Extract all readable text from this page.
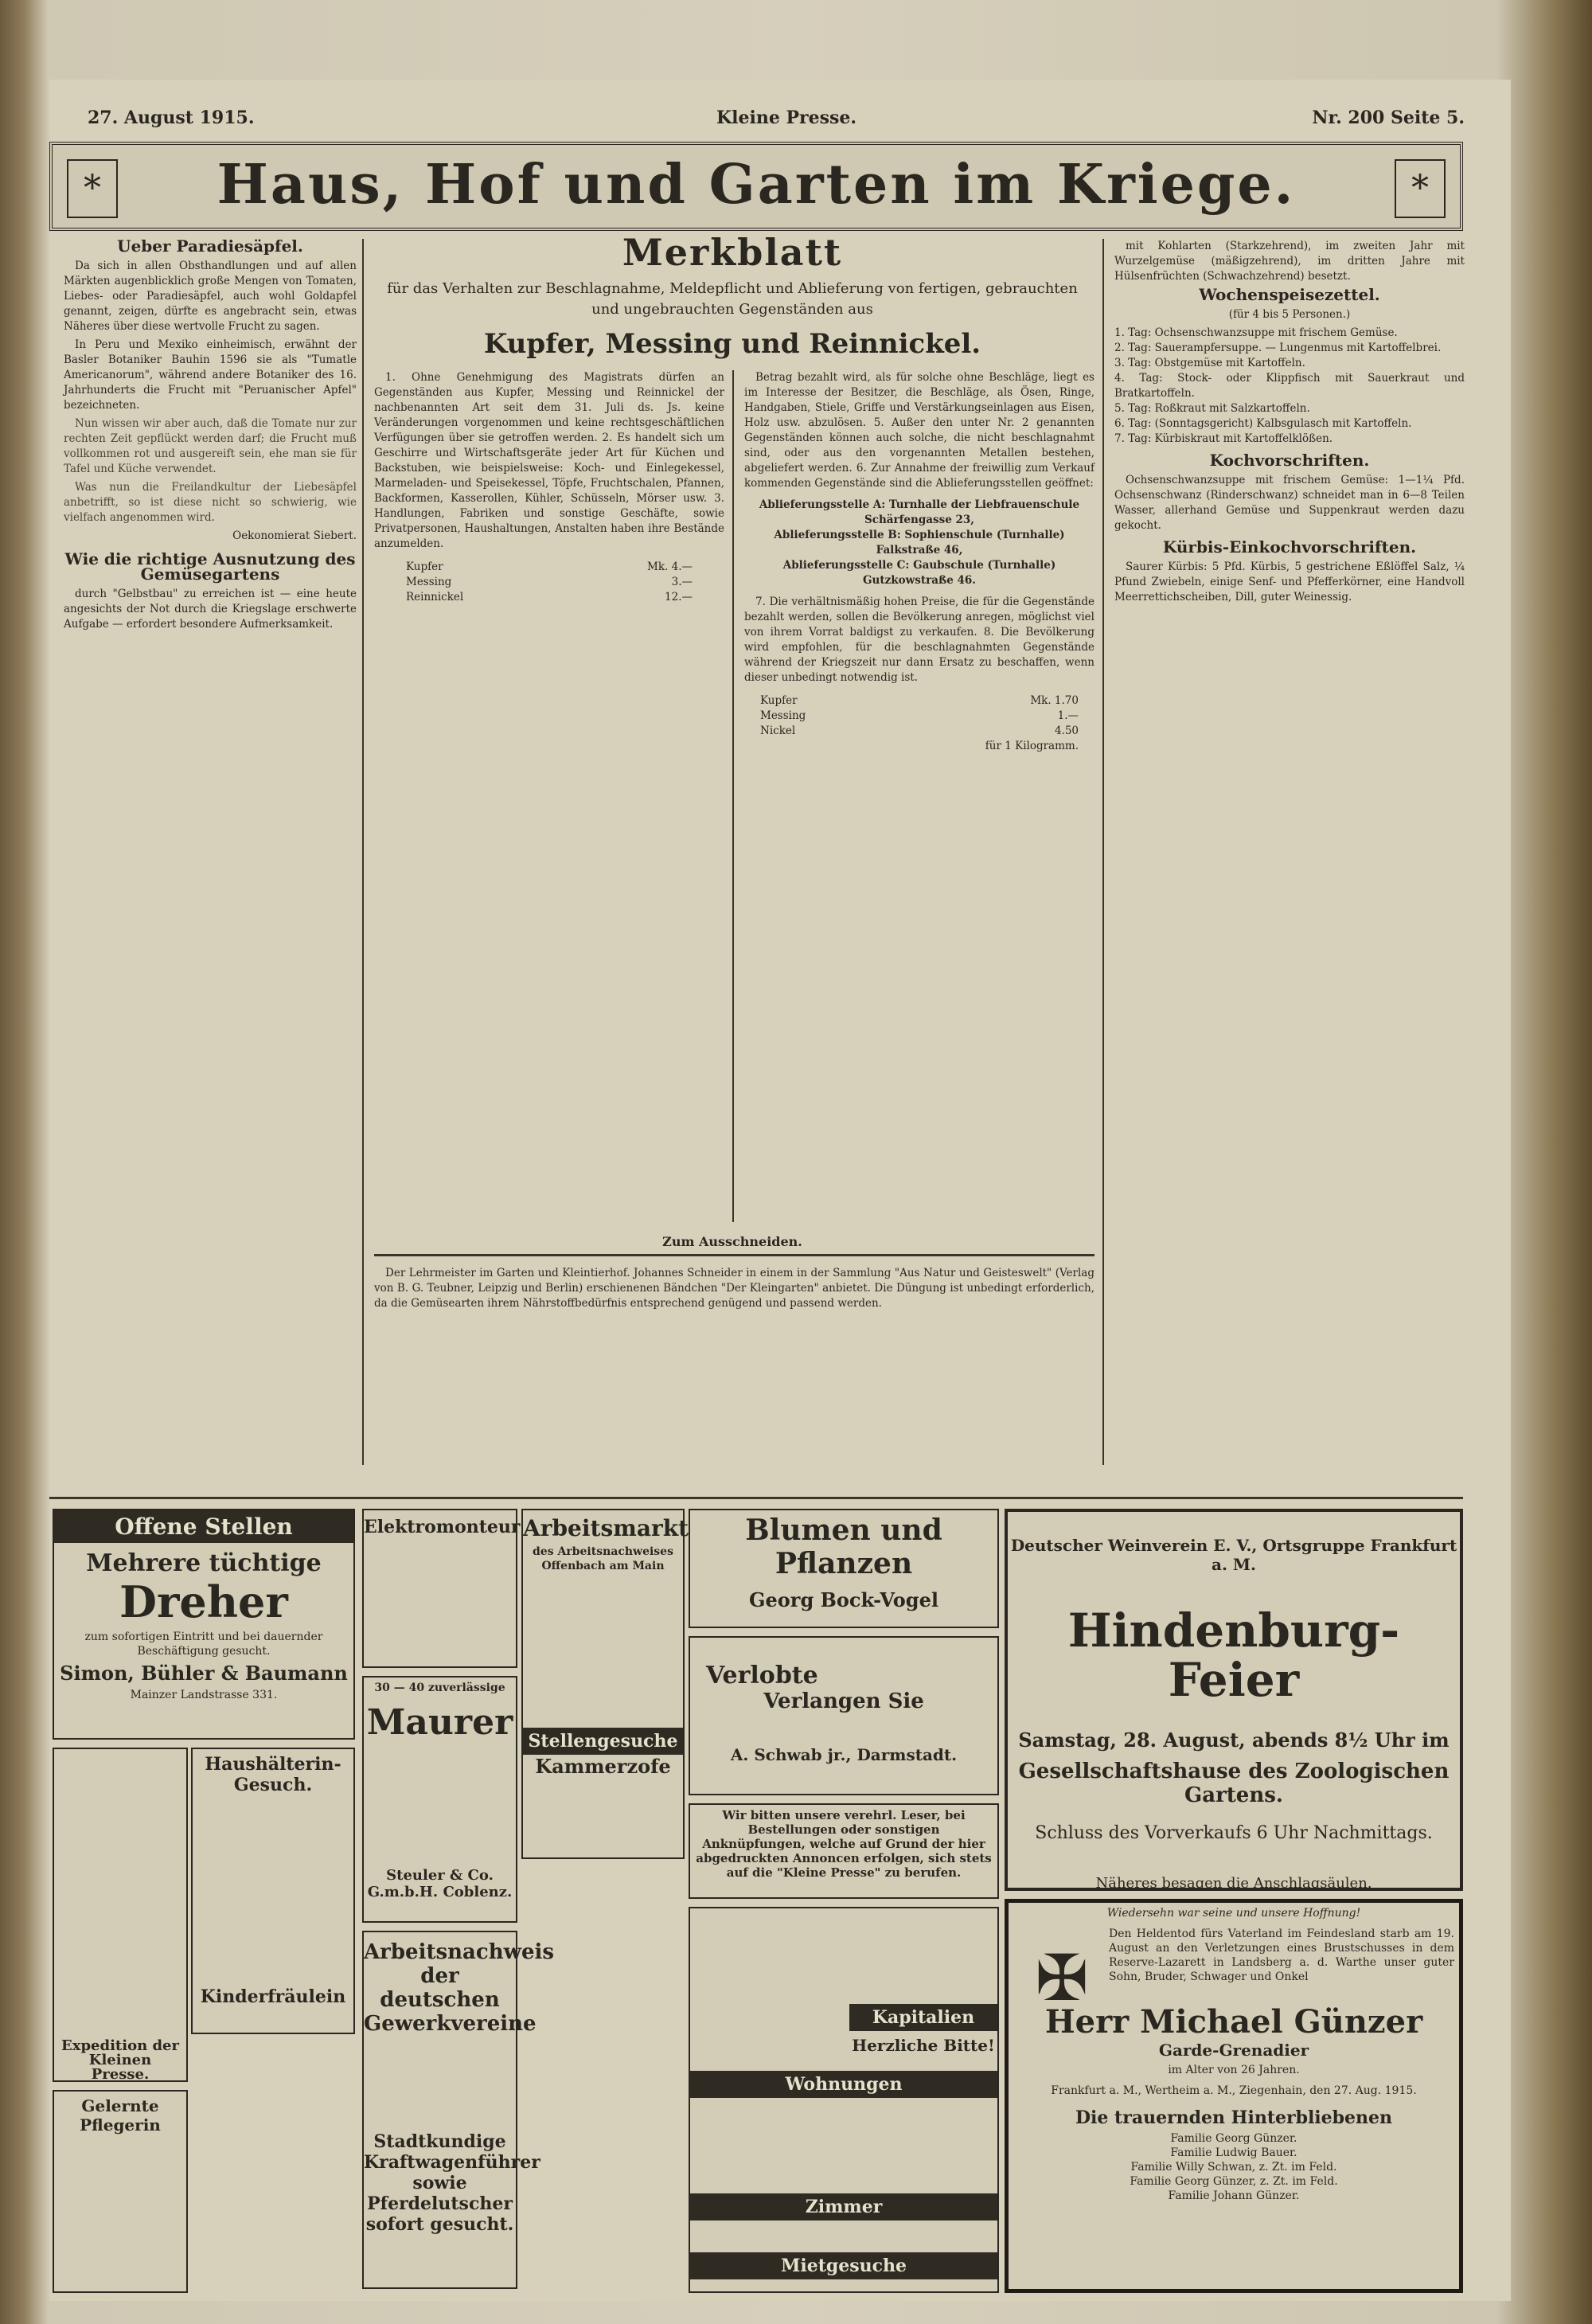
27. August 1915.	Kleine Presse.	Nr. 200 Seite 5.
*	Haus, Hof und Garten im Kriege.	*
Ueber Paradiesäpfel.

Da sich in allen Obsthandlungen und auf allen Märkten augenblicklich große Mengen von Tomaten, Liebes- oder Paradiesäpfel, auch wohl Goldapfel genannt, zeigen, dürfte es angebracht sein, etwas Näheres über diese wertvolle Frucht zu sagen.

In Peru und Mexiko einheimisch, erwähnt der Basler Botaniker Bauhin 1596 sie als "Tumatle Americanorum", während andere Botaniker des 16. Jahrhunderts die Frucht mit "Peruanischer Apfel" bezeichneten.

Nun wissen wir aber auch, daß die Tomate nur zur rechten Zeit gepflückt werden darf; die Frucht muß vollkommen rot und ausgereift sein, ehe man sie für Tafel und Küche verwendet.

Was nun die Freilandkultur der Liebesäpfel anbetrifft, so ist diese nicht so schwierig, wie vielfach angenommen wird.

Oekonomierat Siebert.

Wie die richtige Ausnutzung des Gemüsegartens

durch "Gelbstbau" zu erreichen ist — eine heute angesichts der Not durch die Kriegslage erschwerte Aufgabe — erfordert besondere Aufmerksamkeit.

Merkblatt
für das Verhalten zur Beschlagnahme, Meldepflicht und Ablieferung von fertigen, gebrauchten und ungebrauchten Gegenständen aus
Kupfer, Messing und Reinnickel.

1. Ohne Genehmigung des Magistrats dürfen an Gegenständen aus Kupfer, Messing und Reinnickel der nachbenannten Art seit dem 31. Juli ds. Js. keine Veränderungen vorgenommen und keine rechtsgeschäftlichen Verfügungen über sie getroffen werden. 2. Es handelt sich um Geschirre und Wirtschaftsgeräte jeder Art für Küchen und Backstuben, wie beispielsweise: Koch- und Einlegekessel, Marmeladen- und Speisekessel, Töpfe, Fruchtschalen, Pfannen, Backformen, Kasserollen, Kühler, Schüsseln, Mörser usw. 3. Handlungen, Fabriken und sonstige Geschäfte, sowie Privatpersonen, Haushaltungen, Anstalten haben ihre Bestände anzumelden.

Kupfer	Mk. 4.—
Messing	3.—
Reinnickel	12.—

Betrag bezahlt wird, als für solche ohne Beschläge, liegt es im Interesse der Besitzer, die Beschläge, als Ösen, Ringe, Handgaben, Stiele, Griffe und Verstärkungseinlagen aus Eisen, Holz usw. abzulösen. 5. Außer den unter Nr. 2 genannten Gegenständen können auch solche, die nicht beschlagnahmt sind, oder aus den vorgenannten Metallen bestehen, abgeliefert werden. 6. Zur Annahme der freiwillig zum Verkauf kommenden Gegenstände sind die Ablieferungsstellen geöffnet:

Ablieferungsstelle A: Turnhalle der Liebfrauenschule Schärfengasse 23,
Ablieferungsstelle B: Sophienschule (Turnhalle) Falkstraße 46,
Ablieferungsstelle C: Gaubschule (Turnhalle) Gutzkowstraße 46.

7. Die verhältnismäßig hohen Preise, die für die Gegenstände bezahlt werden, sollen die Bevölkerung anregen, möglichst viel von ihrem Vorrat baldigst zu verkaufen. 8. Die Bevölkerung wird empfohlen, für die beschlagnahmten Gegenstände während der Kriegszeit nur dann Ersatz zu beschaffen, wenn dieser unbedingt notwendig ist.

Kupfer	Mk. 1.70
Messing	1.—
Nickel	4.50
für 1 Kilogramm.
Zum Ausschneiden.

Der Lehrmeister im Garten und Kleintierhof. Johannes Schneider in einem in der Sammlung "Aus Natur und Geisteswelt" (Verlag von B. G. Teubner, Leipzig und Berlin) erschienenen Bändchen "Der Kleingarten" anbietet. Die Düngung ist unbedingt erforderlich, da die Gemüsearten ihrem Nährstoffbedürfnis entsprechend genügend und passend werden.

mit Kohlarten (Starkzehrend), im zweiten Jahr mit Wurzelgemüse (mäßigzehrend), im dritten Jahre mit Hülsenfrüchten (Schwachzehrend) besetzt.

Wochenspeisezettel.
(für 4 bis 5 Personen.)
1. Tag: Ochsenschwanzsuppe mit frischem Gemüse.
2. Tag: Sauerampfersuppe. — Lungenmus mit Kartoffelbrei.
3. Tag: Obstgemüse mit Kartoffeln.
4. Tag: Stock- oder Klippfisch mit Sauerkraut und Bratkartoffeln.
5. Tag: Roßkraut mit Salzkartoffeln.
6. Tag: (Sonntagsgericht) Kalbsgulasch mit Kartoffeln.
7. Tag: Kürbiskraut mit Kartoffelklößen.
Kochvorschriften.

Ochsenschwanzsuppe mit frischem Gemüse: 1—1¼ Pfd. Ochsenschwanz (Rinderschwanz) schneidet man in 6—8 Teilen Wasser, allerhand Gemüse und Suppenkraut werden dazu gekocht.

Kürbis-Einkochvorschriften.

Saurer Kürbis: 5 Pfd. Kürbis, 5 gestrichene Eßlöffel Salz, ¼ Pfund Zwiebeln, einige Senf- und Pfefferkörner, eine Handvoll Meerrettichscheiben, Dill, guter Weinessig.

Offene Stellen
Mehrere tüchtige
Dreher
zum sofortigen Eintritt und bei dauernder Beschäftigung gesucht.
Simon, Bühler & Baumann
Mainzer Landstrasse 331.
Expedition der Kleinen Presse.
Haushälterin-Gesuch.
Kinderfräulein
Gelernte Pflegerin
Elektromonteur
30 — 40 zuverlässige
Maurer
Steuler & Co. G.m.b.H. Coblenz.
Arbeitsnachweis der deutschen Gewerkvereine
Stadtkundige Kraftwagenführer sowie Pferdelutscher sofort gesucht.
Arbeitsmarkt
des Arbeitsnachweises Offenbach am Main
Stellengesuche
Kammerzofe
Blumen und Pflanzen
Georg Bock-Vogel
Verlobte
Verlangen Sie
A. Schwab jr., Darmstadt.
Wir bitten unsere verehrl. Leser, bei Bestellungen oder sonstigen Anknüpfungen, welche auf Grund der hier abgedruckten Annoncen erfolgen, sich stets auf die "Kleine Presse" zu berufen.
Kapitalien
Herzliche Bitte!
Wohnungen
Zimmer
Mietgesuche
Deutscher Weinverein E. V., Ortsgruppe Frankfurt a. M.
Hindenburg-Feier
Samstag, 28. August, abends 8½ Uhr im
Gesellschaftshause des Zoologischen Gartens.
Schluss des Vorverkaufs 6 Uhr Nachmittags.
Näheres besagen die Anschlagsäulen.
Wiedersehn war seine und unsere Hoffnung!
✠
Den Heldentod fürs Vaterland im Feindesland starb am 19. August an den Verletzungen eines Brustschusses in dem Reserve-Lazarett in Landsberg a. d. Warthe unser guter Sohn, Bruder, Schwager und Onkel
Herr Michael Günzer
Garde-Grenadier
im Alter von 26 Jahren.
Frankfurt a. M., Wertheim a. M., Ziegenhain, den 27. Aug. 1915.
Die trauernden Hinterbliebenen
Familie Georg Günzer.
Familie Ludwig Bauer.
Familie Willy Schwan, z. Zt. im Feld.
Familie Georg Günzer, z. Zt. im Feld.
Familie Johann Günzer.
